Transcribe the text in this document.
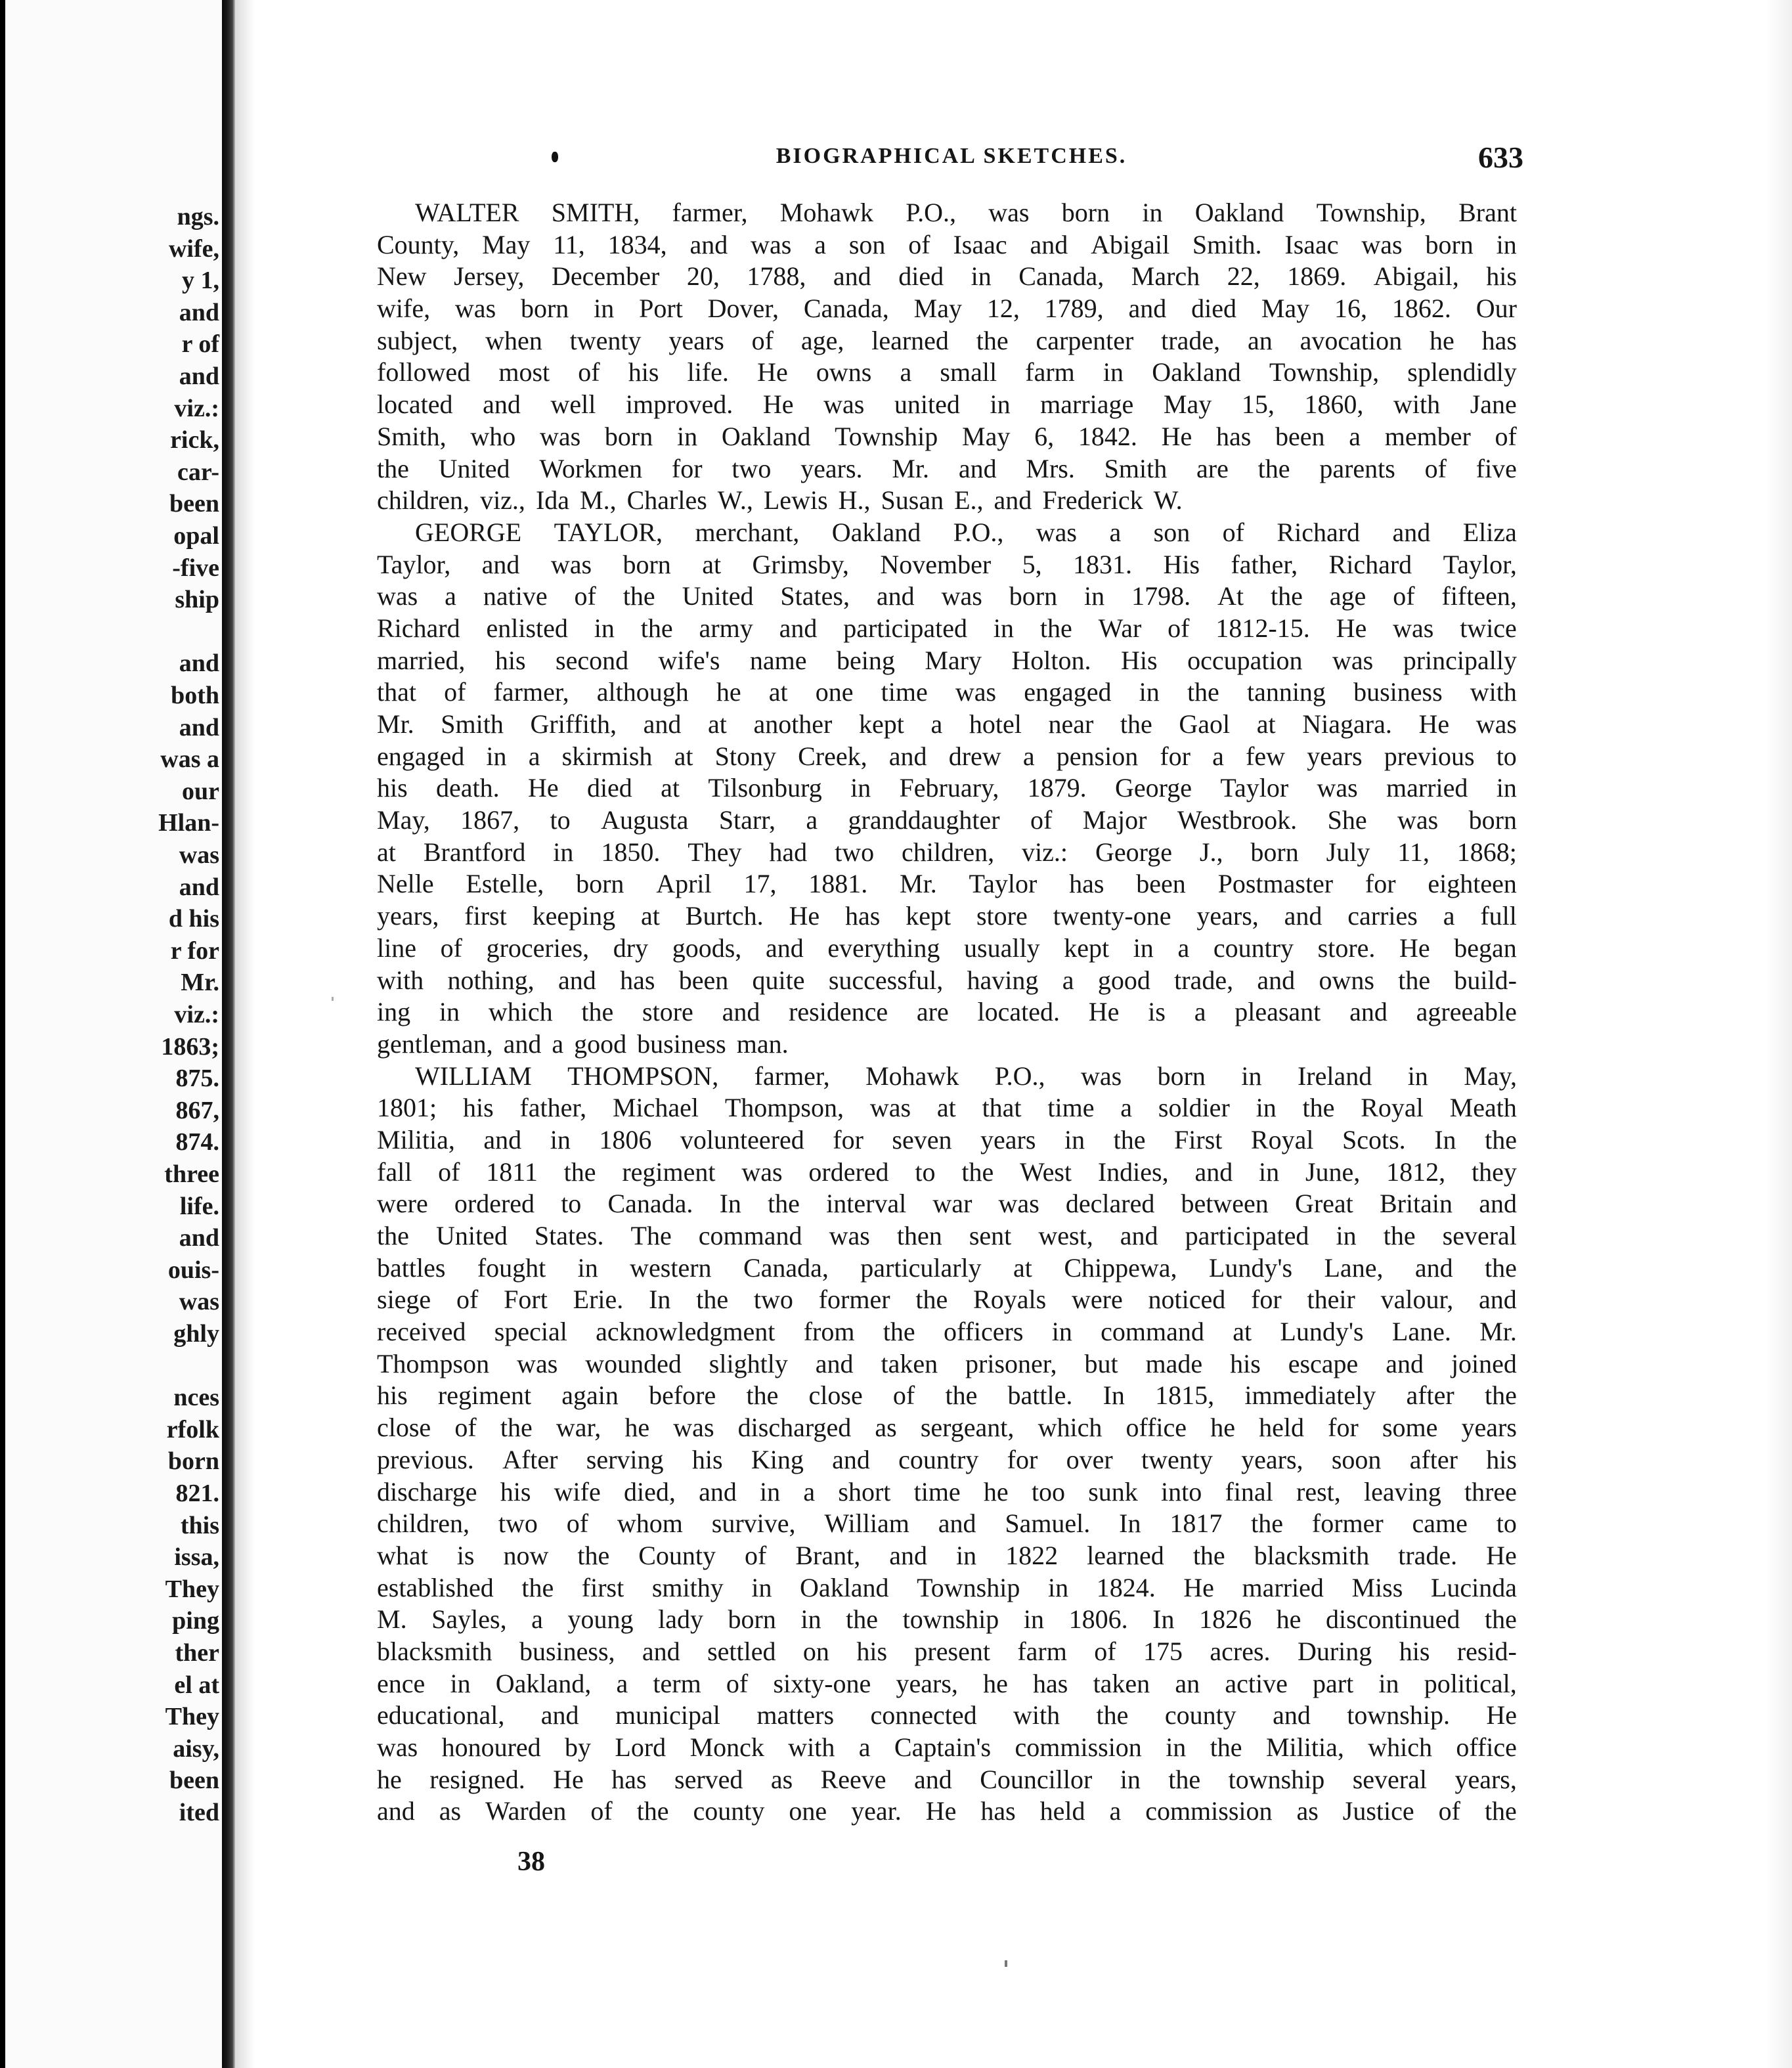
ngs.
wife,
y 1,
and
r of
and
viz.:
rick,
car-
been
opal
-five
ship
and
both
and
was a
our
Hlan-
was
and
d his
r for
Mr.
viz.:
1863;
875.
867,
874.
three
life.
and
ouis-
was
ghly
nces
rfolk
born
821.
this
issa,
They
ping
ther
el at
They
aisy,
been
ited
BIOGRAPHICAL SKETCHES.	633
WALTER SMITH, farmer, Mohawk P.O., was born in Oakland Township, Brant
County, May 11, 1834, and was a son of Isaac and Abigail Smith. Isaac was born in
New Jersey, December 20, 1788, and died in Canada, March 22, 1869. Abigail, his
wife, was born in Port Dover, Canada, May 12, 1789, and died May 16, 1862. Our
subject, when twenty years of age, learned the carpenter trade, an avocation he has
followed most of his life. He owns a small farm in Oakland Township, splendidly
located and well improved. He was united in marriage May 15, 1860, with Jane
Smith, who was born in Oakland Township May 6, 1842. He has been a member of
the United Workmen for two years. Mr. and Mrs. Smith are the parents of five
children, viz., Ida M., Charles W., Lewis H., Susan E., and Frederick W.
GEORGE TAYLOR, merchant, Oakland P.O., was a son of Richard and Eliza
Taylor, and was born at Grimsby, November 5, 1831. His father, Richard Taylor,
was a native of the United States, and was born in 1798. At the age of fifteen,
Richard enlisted in the army and participated in the War of 1812-15. He was twice
married, his second wife's name being Mary Holton. His occupation was principally
that of farmer, although he at one time was engaged in the tanning business with
Mr. Smith Griffith, and at another kept a hotel near the Gaol at Niagara. He was
engaged in a skirmish at Stony Creek, and drew a pension for a few years previous to
his death. He died at Tilsonburg in February, 1879. George Taylor was married in
May, 1867, to Augusta Starr, a granddaughter of Major Westbrook. She was born
at Brantford in 1850. They had two children, viz.: George J., born July 11, 1868;
Nelle Estelle, born April 17, 1881. Mr. Taylor has been Postmaster for eighteen
years, first keeping at Burtch. He has kept store twenty-one years, and carries a full
line of groceries, dry goods, and everything usually kept in a country store. He began
with nothing, and has been quite successful, having a good trade, and owns the build-
ing in which the store and residence are located. He is a pleasant and agreeable
gentleman, and a good business man.
WILLIAM THOMPSON, farmer, Mohawk P.O., was born in Ireland in May,
1801; his father, Michael Thompson, was at that time a soldier in the Royal Meath
Militia, and in 1806 volunteered for seven years in the First Royal Scots. In the
fall of 1811 the regiment was ordered to the West Indies, and in June, 1812, they
were ordered to Canada. In the interval war was declared between Great Britain and
the United States. The command was then sent west, and participated in the several
battles fought in western Canada, particularly at Chippewa, Lundy's Lane, and the
siege of Fort Erie. In the two former the Royals were noticed for their valour, and
received special acknowledgment from the officers in command at Lundy's Lane. Mr.
Thompson was wounded slightly and taken prisoner, but made his escape and joined
his regiment again before the close of the battle. In 1815, immediately after the
close of the war, he was discharged as sergeant, which office he held for some years
previous. After serving his King and country for over twenty years, soon after his
discharge his wife died, and in a short time he too sunk into final rest, leaving three
children, two of whom survive, William and Samuel. In 1817 the former came to
what is now the County of Brant, and in 1822 learned the blacksmith trade. He
established the first smithy in Oakland Township in 1824. He married Miss Lucinda
M. Sayles, a young lady born in the township in 1806. In 1826 he discontinued the
blacksmith business, and settled on his present farm of 175 acres. During his resid-
ence in Oakland, a term of sixty-one years, he has taken an active part in political,
educational, and municipal matters connected with the county and township. He
was honoured by Lord Monck with a Captain's commission in the Militia, which office
he resigned. He has served as Reeve and Councillor in the township several years,
and as Warden of the county one year. He has held a commission as Justice of the
38
